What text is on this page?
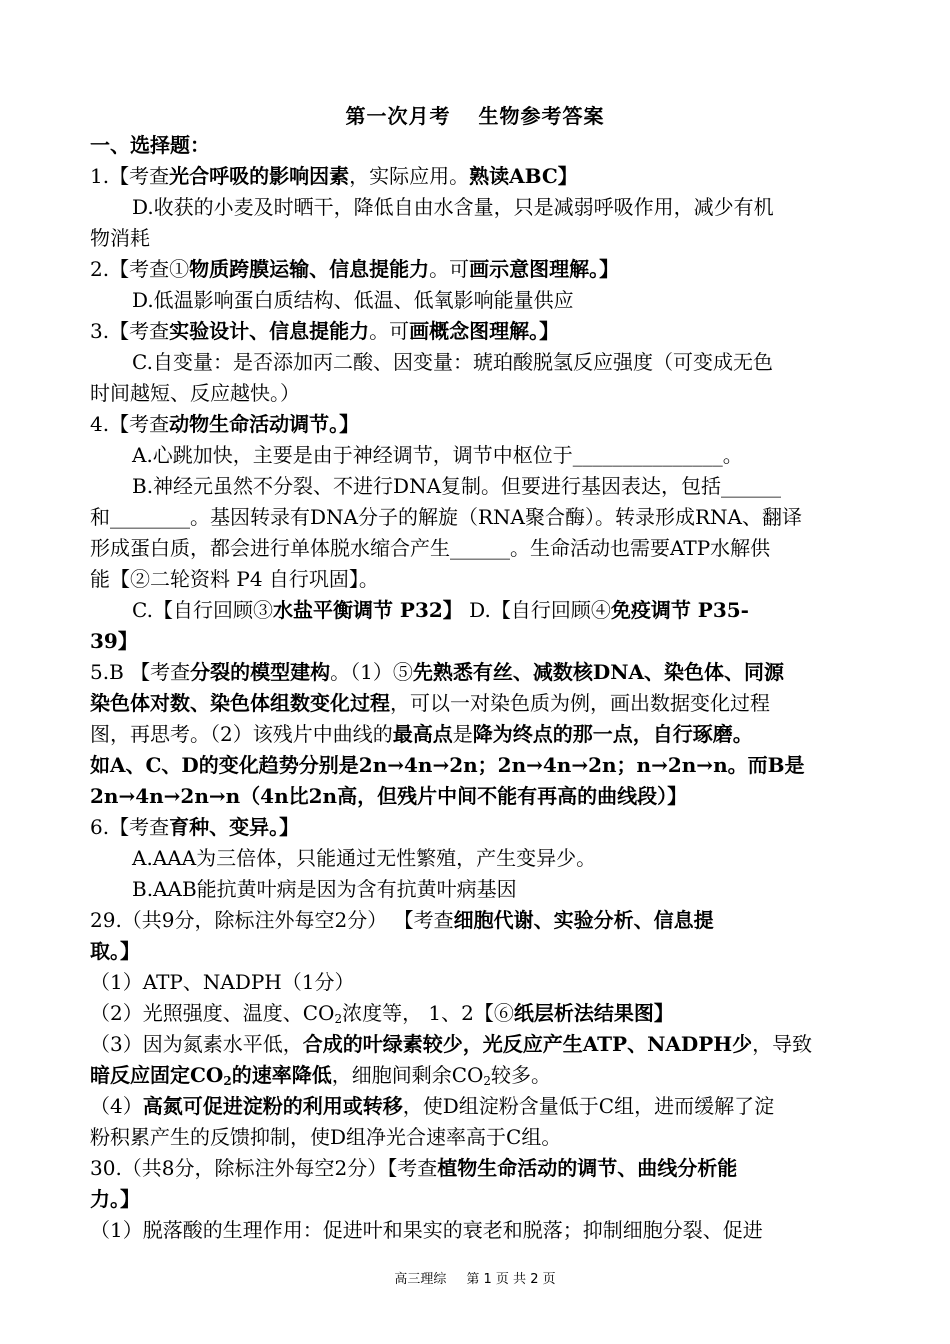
第一次月考 生物参考答案
一、选择题：
1.【考查光合呼吸的影响因素，实际应用。熟读ABC】
D.收获的小麦及时晒干，降低自由水含量，只是减弱呼吸作用，减少有机
物消耗
2.【考查①物质跨膜运输、信息提能力。可画示意图理解。】
D.低温影响蛋白质结构、低温、低氧影响能量供应
3.【考查实验设计、信息提能力。可画概念图理解。】
C.自变量：是否添加丙二酸、因变量：琥珀酸脱氢反应强度（可变成无色
时间越短、反应越快。）
4.【考查动物生命活动调节。】
A.心跳加快，主要是由于神经调节，调节中枢位于_______________。
B.神经元虽然不分裂、不进行DNA复制。但要进行基因表达，包括______
和________。基因转录有DNA分子的解旋（RNA聚合酶）。转录形成RNA、翻译
形成蛋白质，都会进行单体脱水缩合产生______。生命活动也需要ATP水解供
能【②二轮资料 P4 自行巩固】。
C.【自行回顾③水盐平衡调节 P32】 D.【自行回顾④免疫调节 P35-
39】
5.B 【考查分裂的模型建构。（1）⑤先熟悉有丝、减数核DNA、染色体、同源
染色体对数、染色体组数变化过程，可以一对染色质为例，画出数据变化过程
图，再思考。（2）该残片中曲线的最高点是降为终点的那一点，自行琢磨。
如A、C、D的变化趋势分别是2n→4n→2n；2n→4n→2n；n→2n→n。而B是
2n→4n→2n→n（4n比2n高，但残片中间不能有再高的曲线段）】
6.【考查育种、变异。】
A.AAA为三倍体，只能通过无性繁殖，产生变异少。
B.AAB能抗黄叶病是因为含有抗黄叶病基因
29.（共9分，除标注外每空2分） 【考查细胞代谢、实验分析、信息提
取。】
（1）ATP、NADPH（1分）
（2）光照强度、温度、$CO_2$浓度等， 1、2【⑥纸层析法结果图】
（3）因为氮素水平低，合成的叶绿素较少，光反应产生ATP、NADPH少，导致
暗反应固定$CO_2$的速率降低，细胞间剩余$CO_2$较多。
（4）高氮可促进淀粉的利用或转移，使D组淀粉含量低于C组，进而缓解了淀
粉积累产生的反馈抑制，使D组净光合速率高于C组。
30.（共8分，除标注外每空2分）【考查植物生命活动的调节、曲线分析能
力。】
（1）脱落酸的生理作用：促进叶和果实的衰老和脱落；抑制细胞分裂、促进
高三理综 第 1 页 共 2 页
